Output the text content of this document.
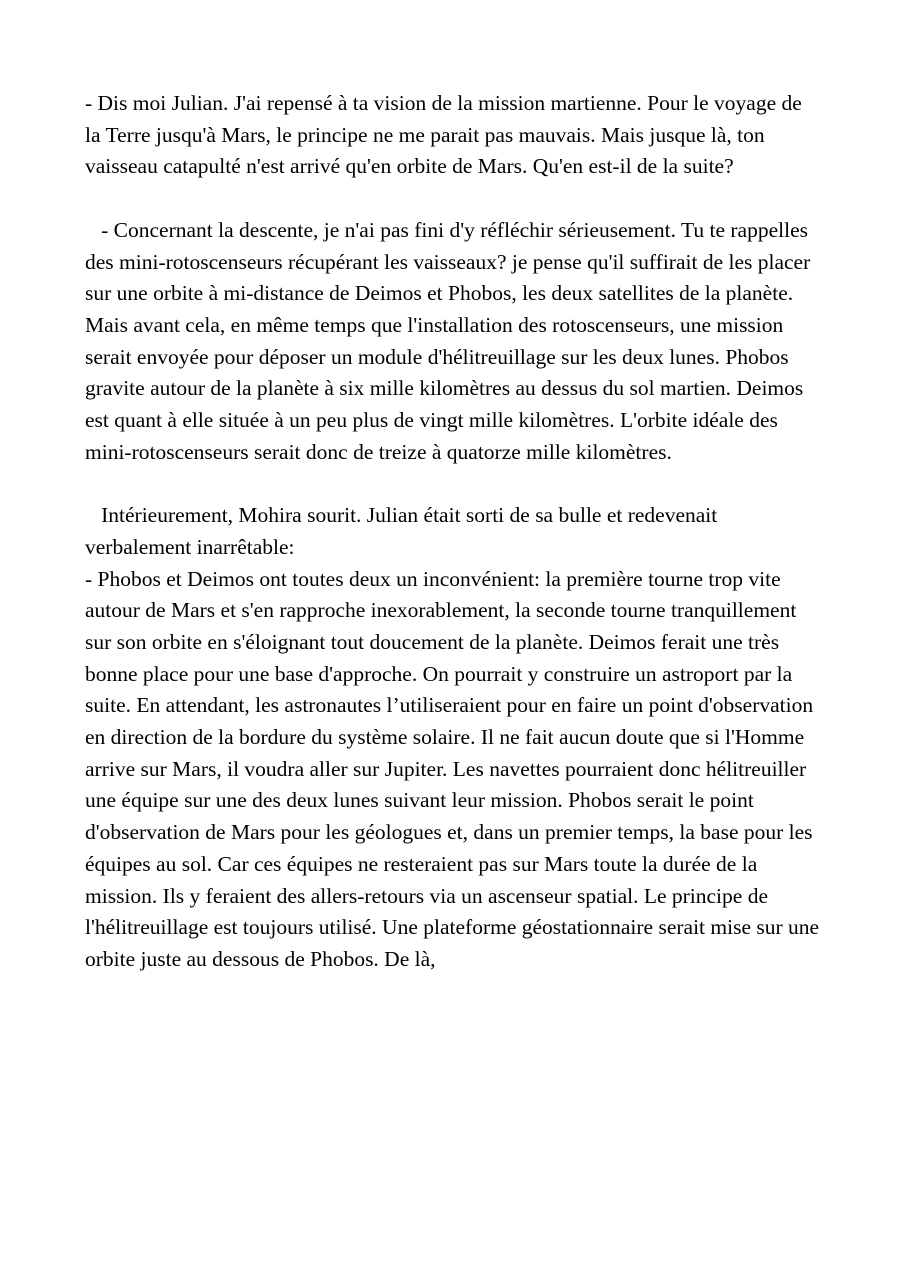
- Dis moi Julian. J'ai repensé à ta vision de la mission martienne. Pour le voyage de la Terre jusqu'à Mars, le principe ne me parait pas mauvais. Mais jusque là, ton vaisseau catapulté n'est arrivé qu'en orbite de Mars. Qu'en est-il de la suite?

- Concernant la descente, je n'ai pas fini d'y réfléchir sérieusement. Tu te rappelles des mini-rotoscenseurs récupérant les vaisseaux? je pense qu'il suffirait de les placer sur une orbite à mi-distance de Deimos et Phobos, les deux satellites de la planète. Mais avant cela, en même temps que l'installation des rotoscenseurs, une mission serait envoyée pour déposer un module d'hélitreuillage sur les deux lunes. Phobos gravite autour de la planète à six mille kilomètres au dessus du sol martien. Deimos est quant à elle située à un peu plus de vingt mille kilomètres. L'orbite idéale des mini-rotoscenseurs serait donc de treize à quatorze mille kilomètres.

Intérieurement, Mohira sourit. Julian était sorti de sa bulle et redevenait verbalement inarrêtable:

- Phobos et Deimos ont toutes deux un inconvénient: la première tourne trop vite autour de Mars et s'en rapproche inexorablement, la seconde tourne tranquillement sur son orbite en s'éloignant tout doucement de la planète. Deimos ferait une très bonne place pour une base d'approche. On pourrait y construire un astroport par la suite. En attendant, les astronautes l’utiliseraient pour en faire un point d'observation en direction de la bordure du système solaire. Il ne fait aucun doute que si l'Homme arrive sur Mars, il voudra aller sur Jupiter. Les navettes pourraient donc hélitreuiller une équipe sur une des deux lunes suivant leur mission. Phobos serait le point d'observation de Mars pour les géologues et, dans un premier temps, la base pour les équipes au sol. Car ces équipes ne resteraient pas sur Mars toute la durée de la mission. Ils y feraient des allers-retours via un ascenseur spatial. Le principe de l'hélitreuillage est toujours utilisé. Une plateforme géostationnaire serait mise sur une orbite juste au dessous de Phobos. De là,
